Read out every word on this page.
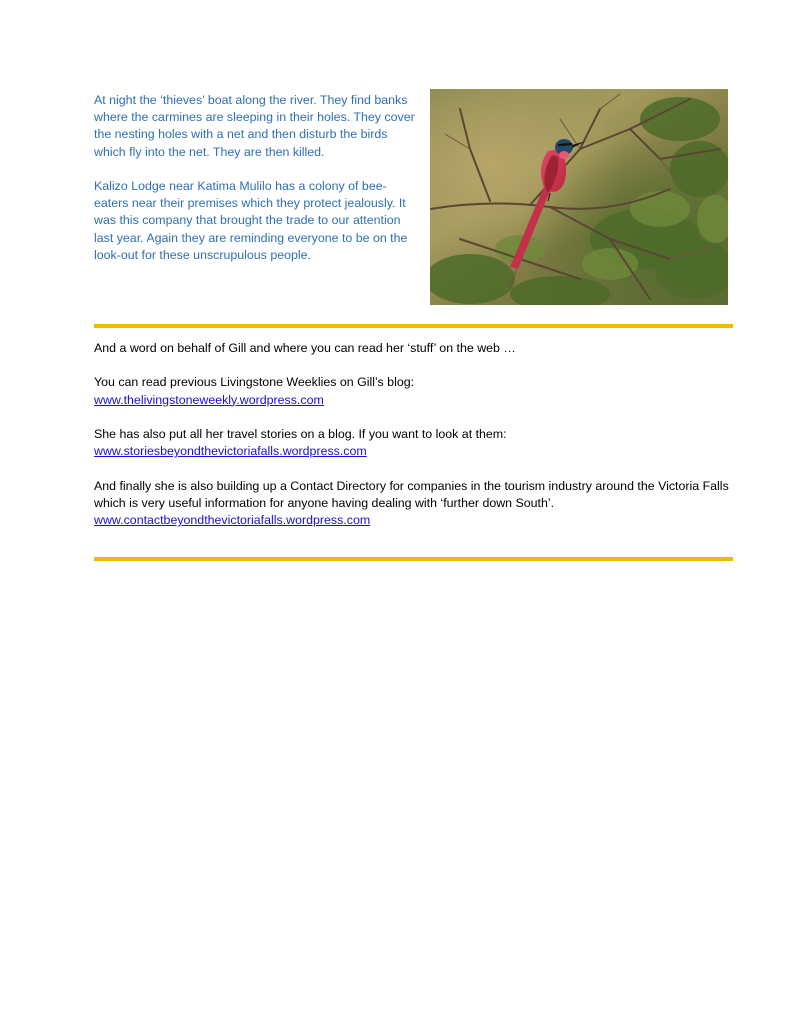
At night the ‘thieves’ boat along the river. They find banks where the carmines are sleeping in their holes. They cover the nesting holes with a net and then disturb the birds which fly into the net. They are then killed.

Kalizo Lodge near Katima Mulilo has a colony of bee-eaters near their premises which they protect jealously. It was this company that brought the trade to our attention last year. Again they are reminding everyone to be on the look-out for these unscrupulous people.

And a word on behalf of Gill and where you can read her ‘stuff’ on the web …

You can read previous Livingstone Weeklies on Gill’s blog:
www.thelivingstoneweekly.wordpress.com

She has also put all her travel stories on a blog. If you want to look at them:
www.storiesbeyondthevictoriafalls.wordpress.com

And finally she is also building up a Contact Directory for companies in the tourism industry around the Victoria Falls which is very useful information for anyone having dealing with ‘further down South’.
www.contactbeyondthevictoriafalls.wordpress.com
